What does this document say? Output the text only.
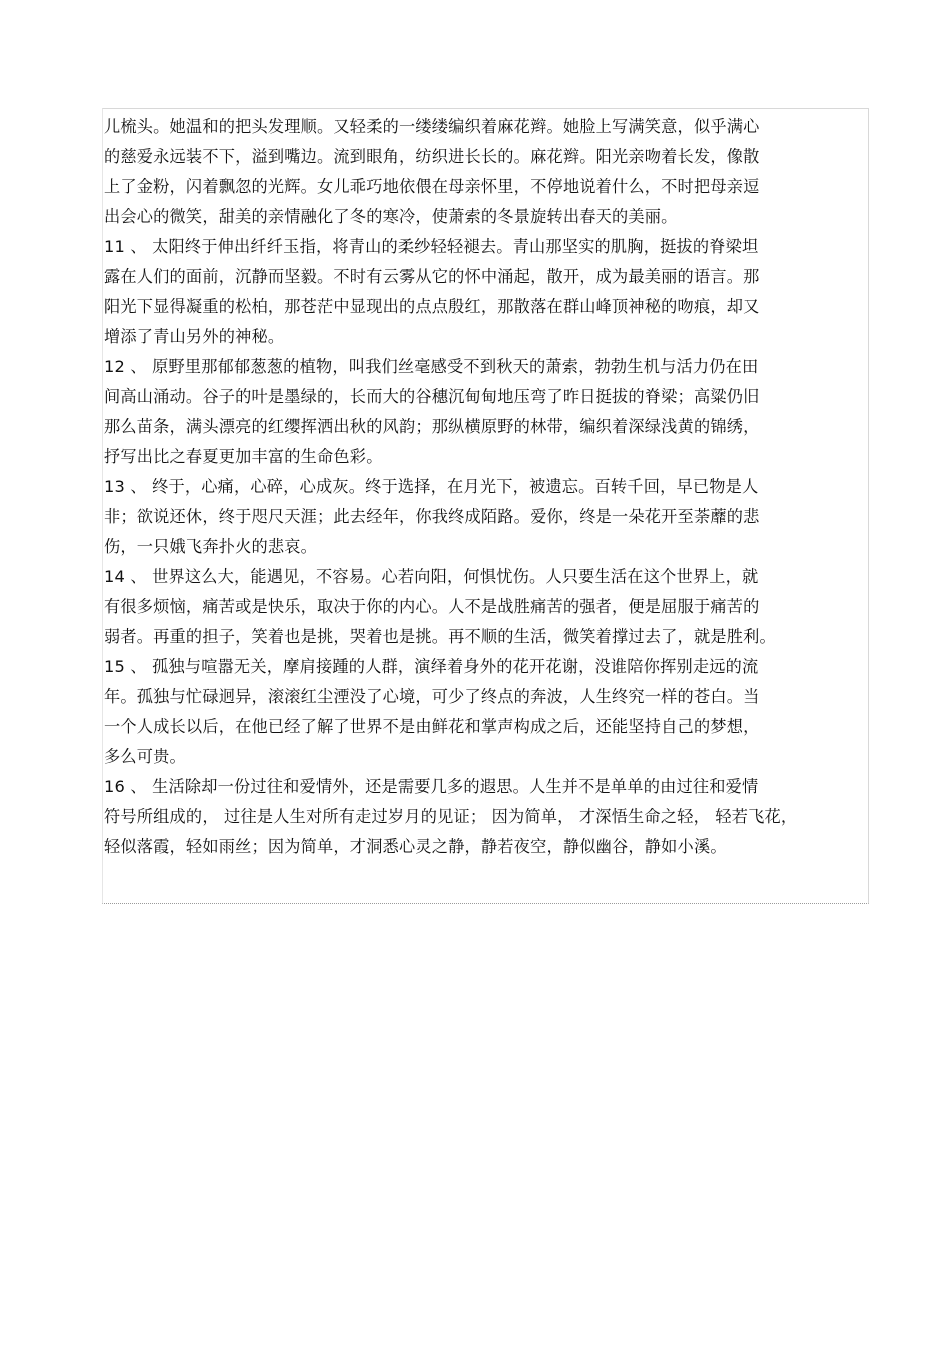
儿梳头。她温和的把头发理顺。又轻柔的一缕缕编织着麻花辫。她脸上写满笑意，似乎满心
的慈爱永远装不下，溢到嘴边。流到眼角，纺织进长长的。麻花辫。阳光亲吻着长发，像散
上了金粉，闪着飘忽的光辉。女儿乖巧地依偎在母亲怀里，不停地说着什么，不时把母亲逗
出会心的微笑，甜美的亲情融化了冬的寒冷，使萧索的冬景旋转出春天的美丽。
11 、 太阳终于伸出纤纤玉指，将青山的柔纱轻轻褪去。青山那坚实的肌胸，挺拔的脊梁坦
露在人们的面前，沉静而坚毅。不时有云雾从它的怀中涌起，散开，成为最美丽的语言。那
阳光下显得凝重的松柏，那苍茫中显现出的点点殷红，那散落在群山峰顶神秘的吻痕，却又
增添了青山另外的神秘。
12 、 原野里那郁郁葱葱的植物，叫我们丝毫感受不到秋天的萧索，勃勃生机与活力仍在田
间高山涌动。谷子的叶是墨绿的，长而大的谷穗沉甸甸地压弯了昨日挺拔的脊梁；高粱仍旧
那么苗条，满头漂亮的红缨挥洒出秋的风韵；那纵横原野的林带，编织着深绿浅黄的锦绣，
抒写出比之春夏更加丰富的生命色彩。
13 、 终于，心痛，心碎，心成灰。终于选择，在月光下，被遗忘。百转千回，早已物是人
非；欲说还休，终于咫尺天涯；此去经年，你我终成陌路。爱你，终是一朵花开至荼蘼的悲
伤，一只娥飞奔扑火的悲哀。
14 、 世界这么大，能遇见，不容易。心若向阳，何惧忧伤。人只要生活在这个世界上，就
有很多烦恼，痛苦或是快乐，取决于你的内心。人不是战胜痛苦的强者，便是屈服于痛苦的
弱者。再重的担子，笑着也是挑，哭着也是挑。再不顺的生活，微笑着撑过去了，就是胜利。
15 、 孤独与喧嚣无关，摩肩接踵的人群，演绎着身外的花开花谢，没谁陪你挥别走远的流
年。孤独与忙碌迥异，滚滚红尘湮没了心境，可少了终点的奔波，人生终究一样的苍白。当
一个人成长以后，在他已经了解了世界不是由鲜花和掌声构成之后，还能坚持自己的梦想，
多么可贵。
16 、 生活除却一份过往和爱情外，还是需要几多的遐思。人生并不是单单的由过往和爱情
符号所组成的， 过往是人生对所有走过岁月的见证； 因为简单， 才深悟生命之轻， 轻若飞花，
轻似落霞，轻如雨丝；因为简单，才洞悉心灵之静，静若夜空，静似幽谷，静如小溪。
